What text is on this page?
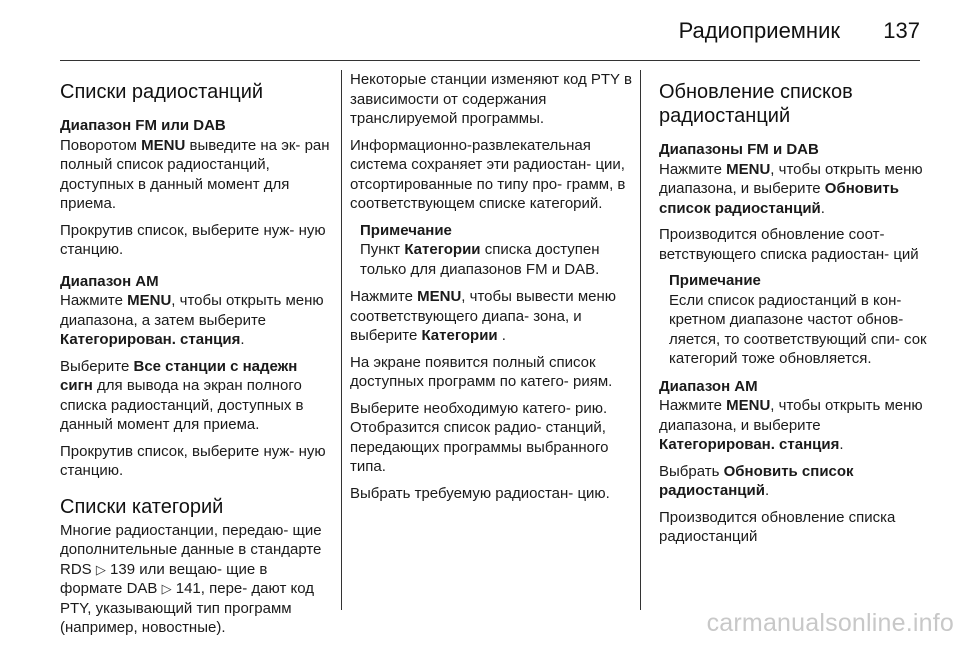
Радиоприемник 137
Списки радиостанций
Диапазон FM или DAB

Поворотом MENU выведите на эк- ран полный список радиостанций, доступных в данный момент для приема.

Прокрутив список, выберите нуж- ную станцию.

Диапазон AM

Нажмите MENU, чтобы открыть меню диапазона, а затем выберите Категорирован. станция.

Выберите Все станции с надежн сигн для вывода на экран полного списка радиостанций, доступных в данный момент для приема.

Прокрутив список, выберите нуж- ную станцию.

Списки категорий

Многие радиостанции, передаю- щие дополнительные данные в стандарте RDS ▷ 139 или вещаю- щие в формате DAB ▷ 141, пере- дают код PTY, указывающий тип программ (например, новостные).

Некоторые станции изменяют код PTY в зависимости от содержания транслируемой программы.

Информационно-развлекательная система сохраняет эти радиостан- ции, отсортированные по типу про- грамм, в соответствующем списке категорий.

Примечание
Пункт Категории списка доступен только для диапазонов FM и DAB.

Нажмите MENU, чтобы вывести меню соответствующего диапа- зона, и выберите Категории .

На экране появится полный список доступных программ по катего- риям.

Выберите необходимую катего- рию. Отобразится список радио- станций, передающих программы выбранного типа.

Выбрать требуемую радиостан- цию.

Обновление списков радиостанций
Диапазоны FM и DAB

Нажмите MENU, чтобы открыть меню диапазона, и выберите Обновить список радиостанций.

Производится обновление соот- ветствующего списка радиостан- ций

Примечание
Если список радиостанций в кон- кретном диапазоне частот обнов- ляется, то соответствующий спи- сок категорий тоже обновляется.
Диапазон AM

Нажмите MENU, чтобы открыть меню диапазона, и выберите Категорирован. станция.

Выбрать Обновить список радиостанций.

Производится обновление списка радиостанций

carmanualsonline.info
